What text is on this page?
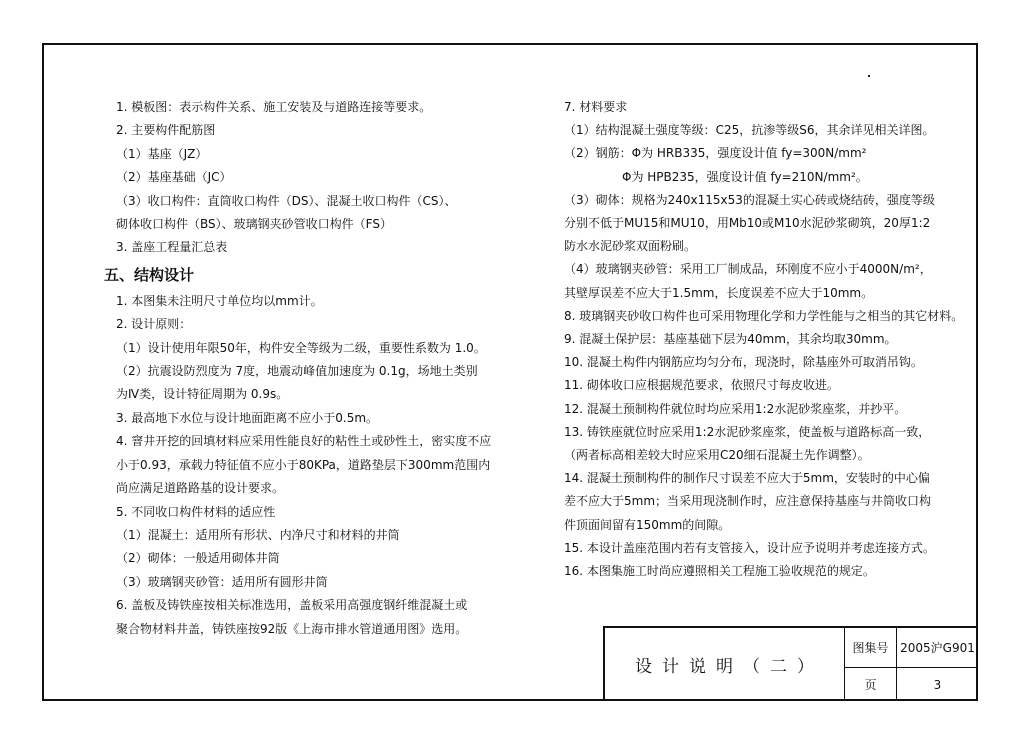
1. 模板图：表示构件关系、施工安装及与道路连接等要求。
2. 主要构件配筋图
（1）基座（JZ）
（2）基座基础（JC）
（3）收口构件：直筒收口构件（DS）、混凝土收口构件（CS）、
砌体收口构件（BS）、玻璃钢夹砂管收口构件（FS）
3. 盖座工程量汇总表
五、结构设计
1. 本图集未注明尺寸单位均以mm计。
2. 设计原则：
（1）设计使用年限50年，构件安全等级为二级，重要性系数为 1.0。
（2）抗震设防烈度为 7度，地震动峰值加速度为 0.1g，场地土类别
为Ⅳ类，设计特征周期为 0.9s。
3. 最高地下水位与设计地面距离不应小于0.5m。
4. 窨井开挖的回填材料应采用性能良好的粘性土或砂性土，密实度不应
小于0.93，承载力特征值不应小于80KPa，道路垫层下300mm范围内
尚应满足道路路基的设计要求。
5. 不同收口构件材料的适应性
（1）混凝土：适用所有形状、内净尺寸和材料的井筒
（2）砌体：一般适用砌体井筒
（3）玻璃钢夹砂管：适用所有圆形井筒
6. 盖板及铸铁座按相关标准选用，盖板采用高强度钢纤维混凝土或
聚合物材料井盖，铸铁座按92版《上海市排水管道通用图》选用。
7. 材料要求
（1）结构混凝土强度等级：C25，抗渗等级S6，其余详见相关详图。
（2）钢筋：Φ为 HRB335，强度设计值 fy=300N/mm²
Φ为 HPB235，强度设计值 fy=210N/mm²。
（3）砌体：规格为240x115x53的混凝土实心砖或烧结砖，强度等级
分别不低于MU15和MU10，用Mb10或M10水泥砂浆砌筑，20厚1:2
防水水泥砂浆双面粉刷。
（4）玻璃钢夹砂管：采用工厂制成品，环刚度不应小于4000N/m²，
其壁厚误差不应大于1.5mm，长度误差不应大于10mm。
8. 玻璃钢夹砂收口构件也可采用物理化学和力学性能与之相当的其它材料。
9. 混凝土保护层：基座基础下层为40mm，其余均取30mm。
10. 混凝土构件内钢筋应均匀分布，现浇时，除基座外可取消吊钩。
11. 砌体收口应根据规范要求，依照尺寸每皮收进。
12. 混凝土预制构件就位时均应采用1:2水泥砂浆座浆，并抄平。
13. 铸铁座就位时应采用1:2水泥砂浆座浆，使盖板与道路标高一致，
（两者标高相差较大时应采用C20细石混凝土先作调整）。
14. 混凝土预制构件的制作尺寸误差不应大于5mm，安装时的中心偏
差不应大于5mm；当采用现浇制作时，应注意保持基座与井筒收口构
件顶面间留有150mm的间隙。
15. 本设计盖座范围内若有支管接入，设计应予说明并考虑连接方式。
16. 本图集施工时尚应遵照相关工程施工验收规范的规定。
设计说明（二）
图集号 2005沪G901
页	3
